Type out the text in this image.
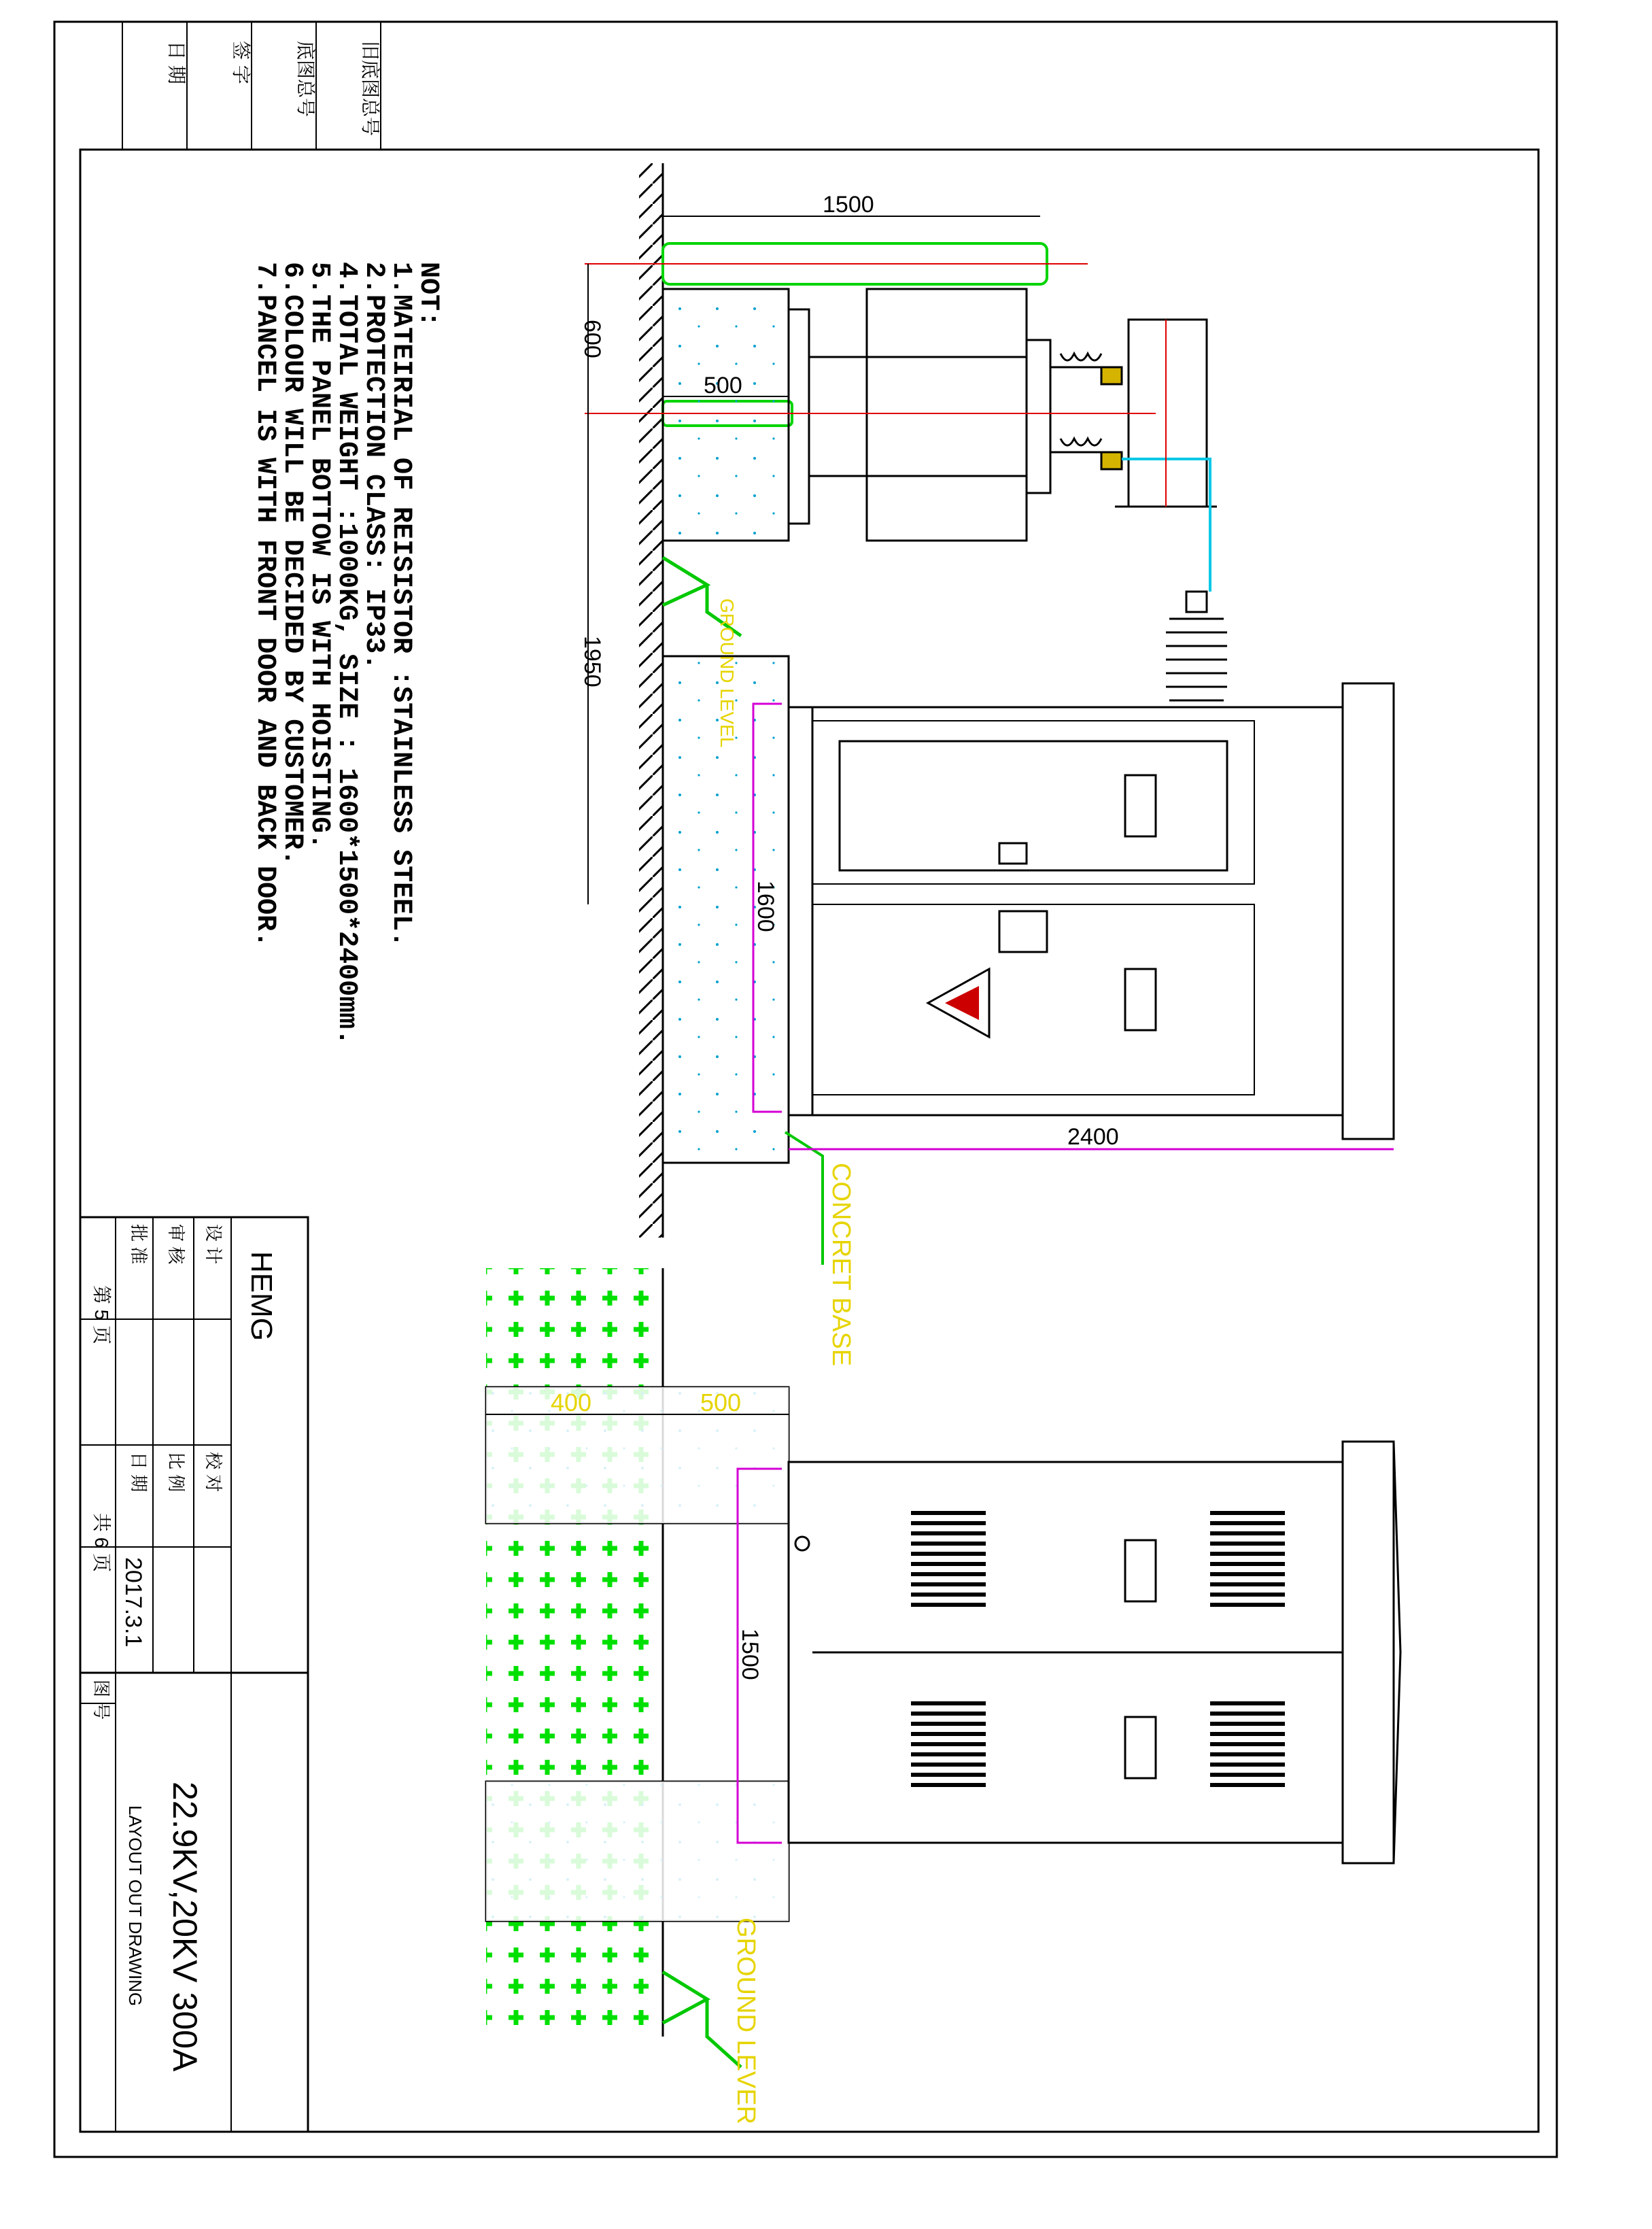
日 期 签 字 底图总号 旧底图总号
NOT:
1.MATEIRIAL OF REISISTOR :STAINLESS STEEL.
2.PROTECTION CLASS: IP33.
4.TOTAL WEIGHT :1000KG, SIZE : 1600*1500*2400mm.
5.THE PANEL BOTTOW IS WITH HOISTING.
6.COLOUR WILL BE DECIDED BY CUSTOMER.
7.PANCEL IS WITH FRONT DOOR AND BACK DOOR.	GROUND LEVEL
CONCRET BASE
1500
600
500
1950
1600
2400
GROUND LEVER
400	500
1500
HEMG
设 计
审 核
批 准
校 对
比 例
日 期
2017.3.1
第 5 页
共 6 页
图 号
22.9KV,20KV 300A
LAYOUT OUT DRAWING
